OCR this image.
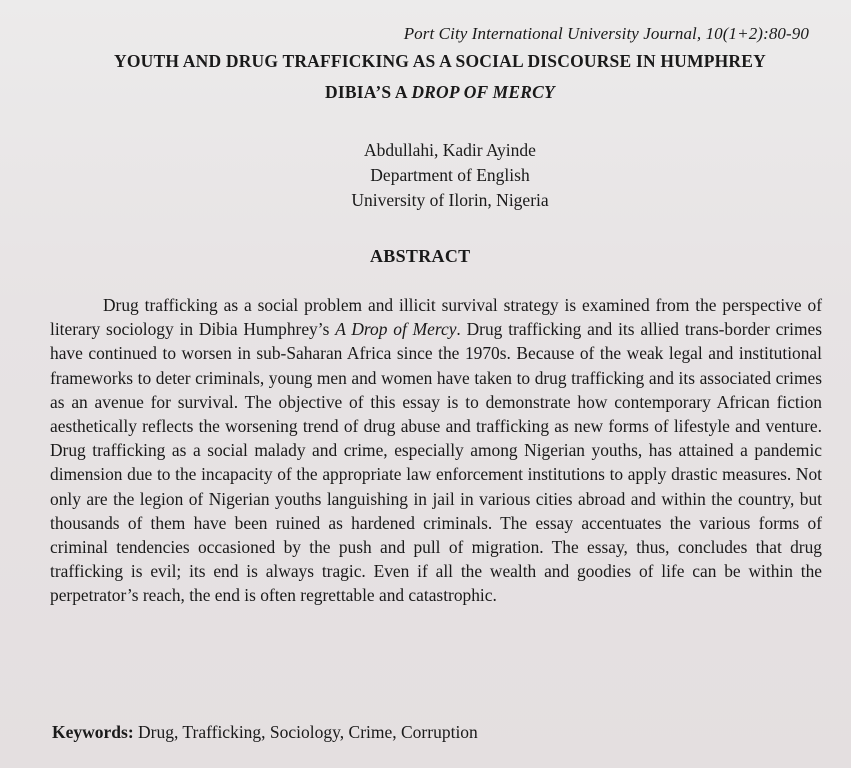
Port City International University Journal, 10(1+2):80-90
YOUTH AND DRUG TRAFFICKING AS A SOCIAL DISCOURSE IN HUMPHREY
DIBIA’S A DROP OF MERCY
Abdullahi, Kadir Ayinde
Department of English
University of Ilorin, Nigeria
ABSTRACT

Drug trafficking as a social problem and illicit survival strategy is examined from the perspective of literary sociology in Dibia Humphrey’s A Drop of Mercy. Drug trafficking and its allied trans-border crimes have continued to worsen in sub-Saharan Africa since the 1970s. Because of the weak legal and institutional frameworks to deter criminals, young men and women have taken to drug trafficking and its associated crimes as an avenue for survival. The objective of this essay is to demonstrate how contemporary African fiction aesthetically reflects the worsening trend of drug abuse and trafficking as new forms of lifestyle and venture. Drug trafficking as a social malady and crime, especially among Nigerian youths, has attained a pandemic dimension due to the incapacity of the appropriate law enforcement institutions to apply drastic measures. Not only are the legion of Nigerian youths languishing in jail in various cities abroad and within the country, but thousands of them have been ruined as hardened criminals. The essay accentuates the various forms of criminal tendencies occasioned by the push and pull of migration. The essay, thus, concludes that drug trafficking is evil; its end is always tragic. Even if all the wealth and goodies of life can be within the perpetrator’s reach, the end is often regrettable and catastrophic.

Keywords: Drug, Trafficking, Sociology, Crime, Corruption
